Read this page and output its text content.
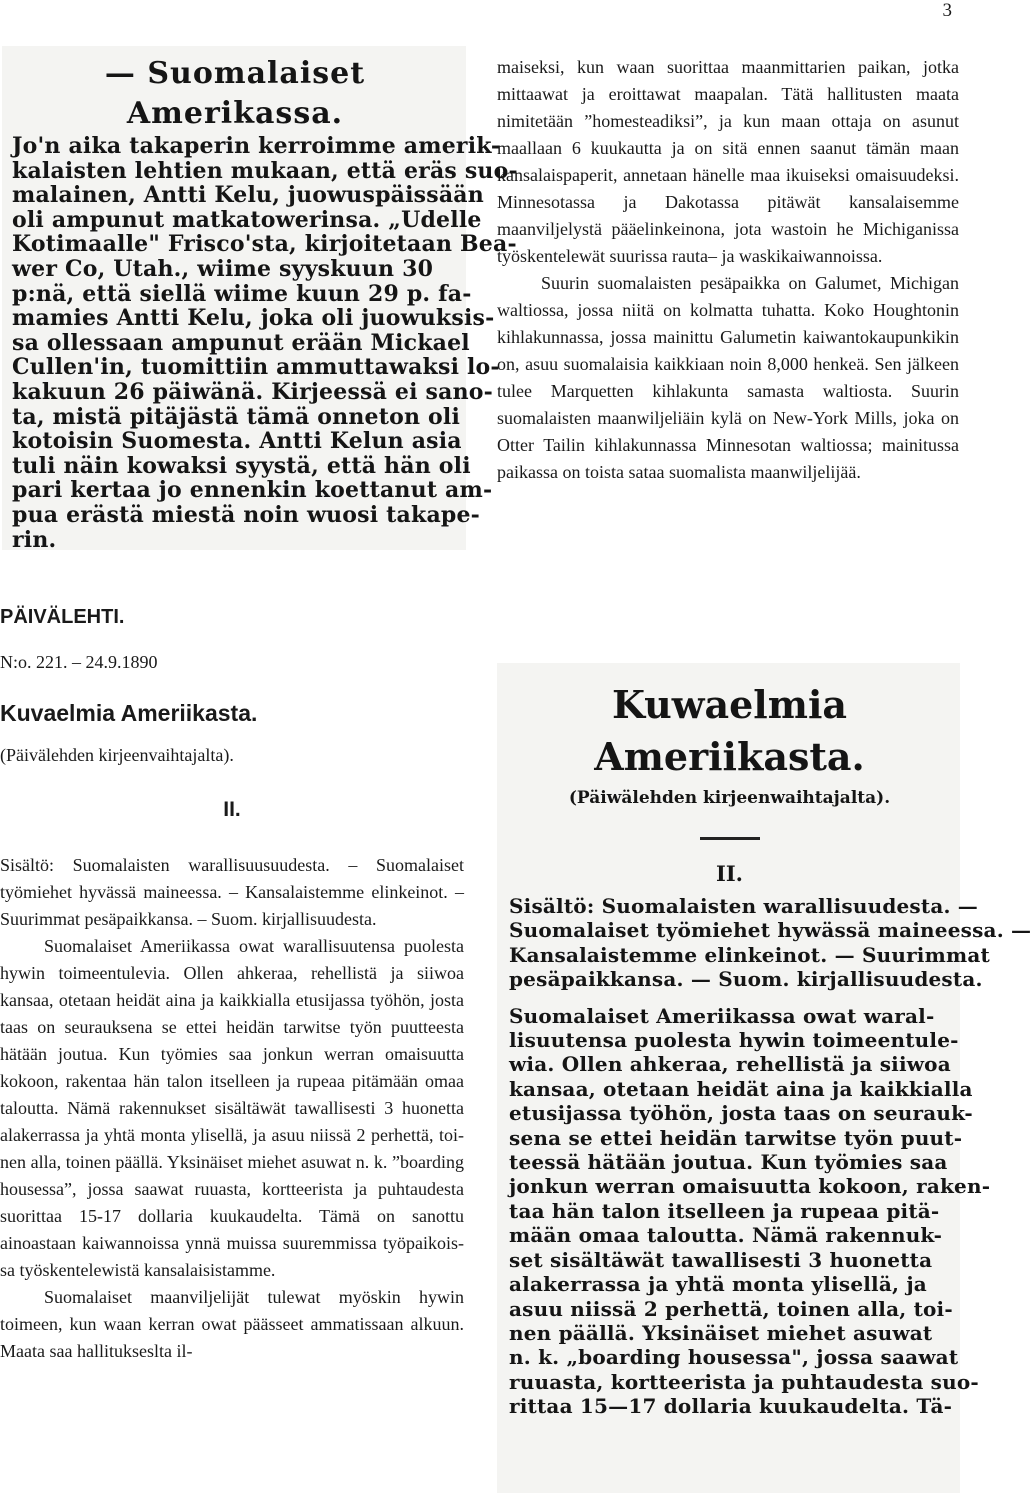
3
— Suomalaiset Amerikassa.
Jo'n aika takaperin kerroimme amerik-
kalaisten lehtien mukaan, että eräs suo-
malainen, Antti Kelu, juowuspäissään
oli ampunut matkatowerinsa. „Udelle
Kotimaalle" Frisco'sta, kirjoitetaan Bea-
wer Co, Utah., wiime syyskuun 30
p:nä, että siellä wiime kuun 29 p. fa-
mamies Antti Kelu, joka oli juowuksis-
sa ollessaan ampunut erään Mickael
Cullen'in, tuomittiin ammuttawaksi lo-
kakuun 26 päiwänä. Kirjeessä ei sano-
ta, mistä pitäjästä tämä onneton oli
kotoisin Suomesta. Antti Kelun asia
tuli näin kowaksi syystä, että hän oli
pari kertaa jo ennenkin koettanut am-
pua erästä miestä noin wuosi takape-
rin.
PÄIVÄLEHTI.
N:o. 221. – 24.9.1890
Kuvaelmia Ameriikasta.
(Päivälehden kirjeenvaihtajalta).
II.

Sisältö: Suomalaisten warallisuusuudesta. – Suomalaiset työmiehet hyvässä maineessa. – Kansalaistemme elinkeinot. – Suurimmat pesäpaikkansa. – Suom. kirjallisuudesta.

Suomalaiset Ameriikassa owat warallisuutensa puolesta hywin toimeentulevia. Ollen ahkeraa, rehellistä ja siiwoa kansaa, otetaan heidät aina ja kaikkialla etusijassa työhön, josta taas on seurauksena se ettei heidän tarwitse työn puutteesta hätään joutua. Kun työmies saa jonkun werran omaisuutta kokoon, rakentaa hän talon itselleen ja rupeaa pitämään omaa taloutta. Nämä rakennukset sisältäwät tawallisesti 3 huonetta alakerrassa ja yhtä monta ylisellä, ja asuu niissä 2 perhettä, toinen alla, toinen päällä. Yksinäiset miehet asuwat n. k. ”boarding housessa”, jossa saawat ruuasta, kortteerista ja puhtaudesta suorittaa 15-17 dollaria kuukaudelta. Tämä on sanottu ainoastaan kaiwannoissa ynnä muissa suuremmissa työpaikoissa työskentelewistä kansalaisistamme.

Suomalaiset maanviljelijät tulewat myöskin hywin toimeen, kun waan kerran owat päässeet ammatissaan alkuun. Maata saa hallitukseslta il-

maiseksi, kun waan suorittaa maanmittarien paikan, jotka mittaawat ja eroittawat maapalan. Tätä hallitusten maata nimitetään ”homesteadiksi”, ja kun maan ottaja on asunut maallaan 6 kuukautta ja on sitä ennen saanut tämän maan kansalaispaperit, annetaan hänelle maa ikuiseksi omaisuudeksi. Minnesotassa ja Dakotassa pitäwät kansalaisemme maanviljelystä pääelinkeinona, jota wastoin he Michiganissa työskentelewät suurissa rauta– ja waskikaiwannoissa.

Suurin suomalaisten pesäpaikka on Galumet, Michigan waltiossa, jossa niitä on kolmatta tuhatta. Koko Houghtonin kihlakunnassa, jossa mainittu Galumetin kaiwantokaupunkikin on, asuu suomalaisia kaikkiaan noin 8,000 henkeä. Sen jälkeen tulee Marquetten kihlakunta samasta waltiosta. Suurin suomalaisten maanwiljeliäin kylä on New-York Mills, joka on Otter Tailin kihlakunnassa Minnesotan waltiossa; mainitussa paikassa on toista sataa suomalista maanwiljelijää.

Kuwaelmia Ameriikasta.
(Päiwälehden kirjeenwaihtajalta).
II.
Sisältö: Suomalaisten warallisuudesta. —
Suomalaiset työmiehet hywässä maineessa. —
Kansalaistemme elinkeinot. — Suurimmat
pesäpaikkansa. — Suom. kirjallisuudesta.
Suomalaiset Ameriikassa owat waral-
lisuutensa puolesta hywin toimeentule-
wia. Ollen ahkeraa, rehellistä ja siiwoa
kansaa, otetaan heidät aina ja kaikkialla
etusijassa työhön, josta taas on seurauk-
sena se ettei heidän tarwitse työn puut-
teessä hätään joutua. Kun työmies saa
jonkun werran omaisuutta kokoon, raken-
taa hän talon itselleen ja rupeaa pitä-
mään omaa taloutta. Nämä rakennuk-
set sisältäwät tawallisesti 3 huonetta
alakerrassa ja yhtä monta ylisellä, ja
asuu niissä 2 perhettä, toinen alla, toi-
nen päällä. Yksinäiset miehet asuwat
n. k. „boarding housessa", jossa saawat
ruuasta, kortteerista ja puhtaudesta suo-
rittaa 15—17 dollaria kuukaudelta. Tä-
